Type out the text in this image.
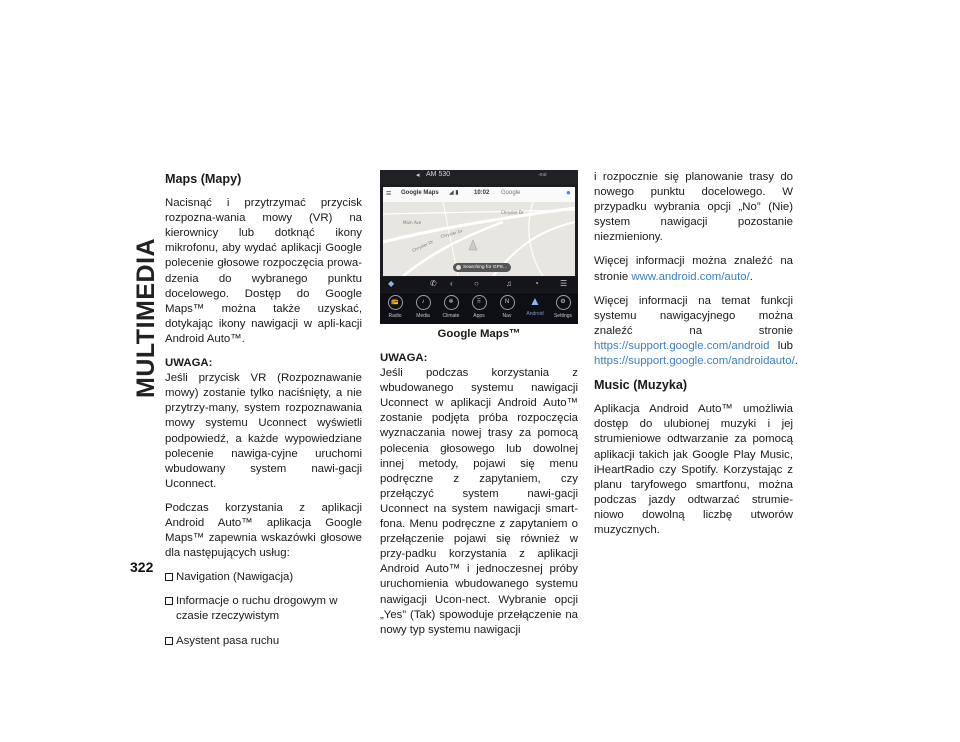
MULTIMEDIA
Maps (Mapy)

Nacisnąć i przytrzymać przycisk rozpozna-wania mowy (VR) na kierownicy lub dotknąć ikony mikrofonu, aby wydać aplikacji Google polecenie głosowe rozpoczęcia prowa-dzenia do wybranego punktu docelowego. Dostęp do Google Maps™ można także uzyskać, dotykając ikony nawigacji w apli-kacji Android Auto™.

UWAGA:
Jeśli przycisk VR (Rozpoznawanie mowy) zostanie tylko naciśnięty, a nie przytrzy-many, system rozpoznawania mowy systemu Uconnect wyświetli podpowiedź, a każde wypowiedziane polecenie nawiga-cyjne uruchomi wbudowany system nawi-gacji Uconnect.

Podczas korzystania z aplikacji Android Auto™ aplikacja Google Maps™ zapewnia wskazówki głosowe dla następujących usług:

Navigation (Nawigacja)
Informacje o ruchu drogowym w czasie rzeczywistym
Asystent pasa ruchu
◂ AM 530	-out
≡ Google Maps ◢ ▮	10:02 Google	●
Chrysler Dr
Main Ave
Chrysler Dr
Chrysler Dr
Searching for GPS...
◆	✆ ‹	○	♫	◔	☰
📻
Radio
♪
Media
❄
Climate
⠿
Apps
N
Nav
▲
Android
⚙
Settings
Google Maps™

UWAGA:
Jeśli podczas korzystania z wbudowanego systemu nawigacji Uconnect w aplikacji Android Auto™ zostanie podjęta próba rozpoczęcia wyznaczania nowej trasy za pomocą polecenia głosowego lub dowolnej innej metody, pojawi się menu podręczne z zapytaniem, czy przełączyć system nawi-gacji Uconnect na system nawigacji smart-fona. Menu podręczne z zapytaniem o przełączenie pojawi się również w przy-padku korzystania z aplikacji Android Auto™ i jednoczesnej próby uruchomienia wbudowanego systemu nawigacji Ucon-nect. Wybranie opcji „Yes” (Tak) spowoduje przełączenie na nowy typ systemu nawigacji

i rozpocznie się planowanie trasy do nowego punktu docelowego. W przypadku wybrania opcji „No” (Nie) system nawigacji pozostanie niezmieniony.

Więcej informacji można znaleźć na stronie www.android.com/auto/.

Więcej informacji na temat funkcji systemu nawigacyjnego można znaleźć na stronie https://support.google.com/android lub https://support.google.com/androidauto/.

Music (Muzyka)

Aplikacja Android Auto™ umożliwia dostęp do ulubionej muzyki i jej strumieniowe odtwarzanie za pomocą aplikacji takich jak Google Play Music, iHeartRadio czy Spotify. Korzystając z planu taryfowego smartfonu, można podczas jazdy odtwarzać strumie-niowo dowolną liczbę utworów muzycznych.

322
